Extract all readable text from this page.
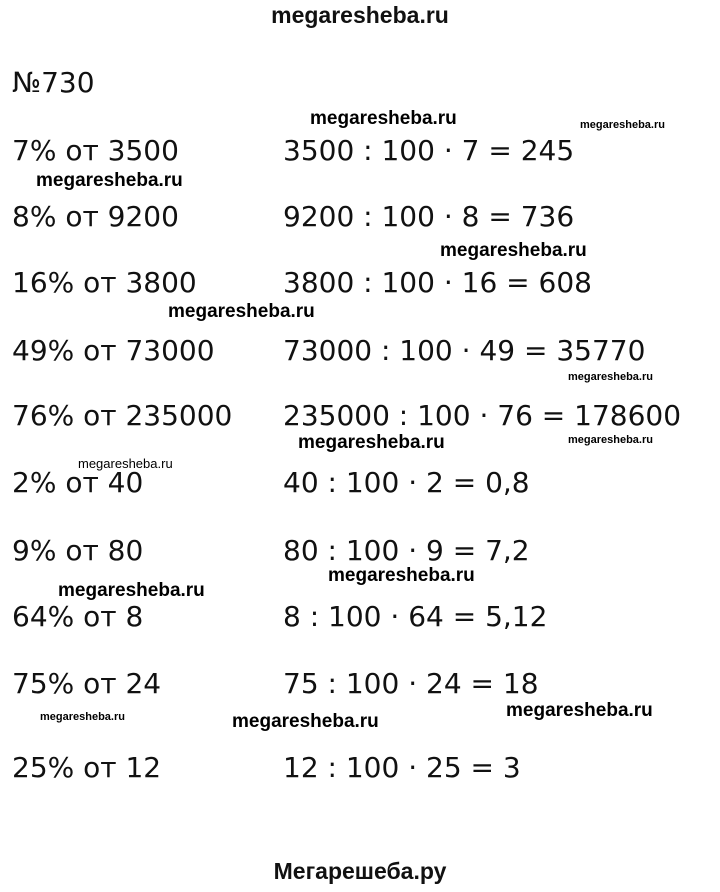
megaresheba.ru
№730
7% от 3500	3500 : 100 · 7 = 245
8% от 9200	9200 : 100 · 8 = 736
16% от 3800	3800 : 100 · 16 = 608
49% от 73000 73000 : 100 · 49 = 35770
76% от 235000 235000 : 100 · 76 = 178600
2% от 40	40 : 100 · 2 = 0,8
9% от 80	80 : 100 · 9 = 7,2
64% от 8	8 : 100 · 64 = 5,12
75% от 24	75 : 100 · 24 = 18
25% от 12	12 : 100 · 25 = 3
megaresheba.ru	megaresheba.ru
megaresheba.ru
megaresheba.ru
megaresheba.ru
megaresheba.ru
megaresheba.ru	megaresheba.ru
megaresheba.ru
megaresheba.ru
megaresheba.ru
megaresheba.ru
megaresheba.ru	megaresheba.ru
Мегарешеба.ру
